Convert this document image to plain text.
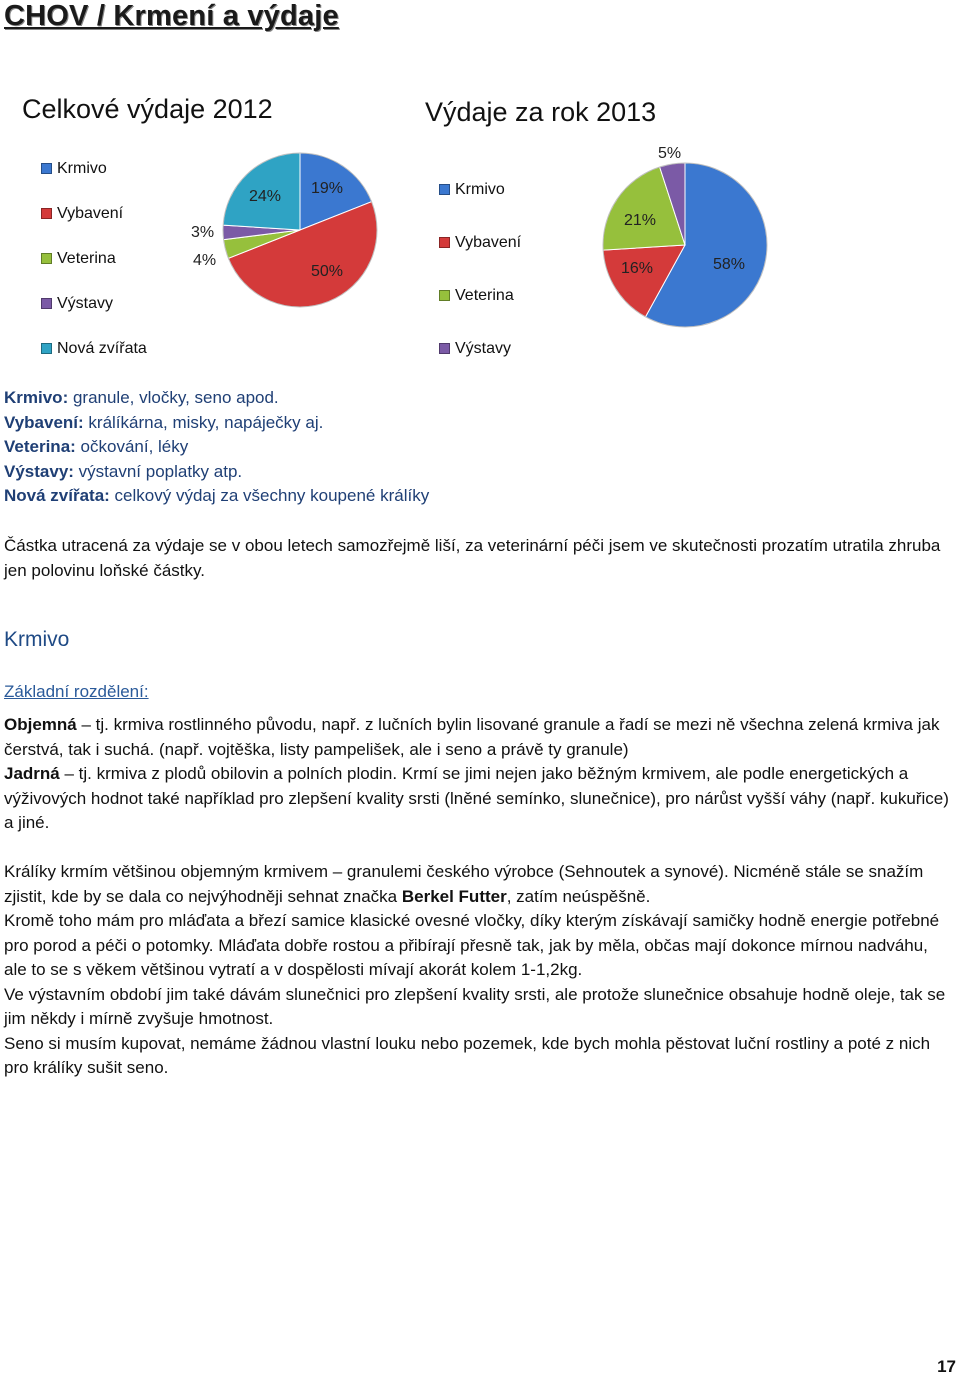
CHOV / Krmení a výdaje
Celkové výdaje 2012
Krmivo
Vybavení
Veterina
Výstavy
Nová zvířata
19%
50%
4%
3%
24%
Výdaje za rok 2013
Krmivo
Vybavení
Veterina
Výstavy
58%
16%
21%
5%

Krmivo: granule, vločky, seno apod.

Vybavení: králíkárna, misky, napáječky aj.

Veterina: očkování, léky

Výstavy: výstavní poplatky atp.

Nová zvířata: celkový výdaj za všechny koupené králíky

Částka utracená za výdaje se v obou letech samozřejmě liší, za veterinární péči jsem ve skutečnosti prozatím utratila zhruba jen polovinu loňské částky.

Krmivo
Základní rozdělení:

Objemná – tj. krmiva rostlinného původu, např. z lučních bylin lisované granule a řadí se mezi ně všechna zelená krmiva jak čerstvá, tak i suchá. (např. vojtěška, listy pampelišek, ale i seno a právě ty granule)

Jadrná – tj. krmiva z plodů obilovin a polních plodin. Krmí se jimi nejen jako běžným krmivem, ale podle energetických a výživových hodnot také například pro zlepšení kvality srsti (lněné semínko, slunečnice), pro nárůst vyšší váhy (např. kukuřice) a jiné.

Králíky krmím většinou objemným krmivem – granulemi českého výrobce (Sehnoutek a synové). Nicméně stále se snažím zjistit, kde by se dala co nejvýhodněji sehnat značka Berkel Futter, zatím neúspěšně.

Kromě toho mám pro mláďata a březí samice klasické ovesné vločky, díky kterým získávají samičky hodně energie potřebné pro porod a péči o potomky. Mláďata dobře rostou a přibírají přesně tak, jak by měla, občas mají dokonce mírnou nadváhu, ale to se s věkem většinou vytratí a v dospělosti mívají akorát kolem 1-1,2kg.

Ve výstavním období jim také dávám slunečnici pro zlepšení kvality srsti, ale protože slunečnice obsahuje hodně oleje, tak se jim někdy i mírně zvyšuje hmotnost.

Seno si musím kupovat, nemáme žádnou vlastní louku nebo pozemek, kde bych mohla pěstovat luční rostliny a poté z nich pro králíky sušit seno.

17
